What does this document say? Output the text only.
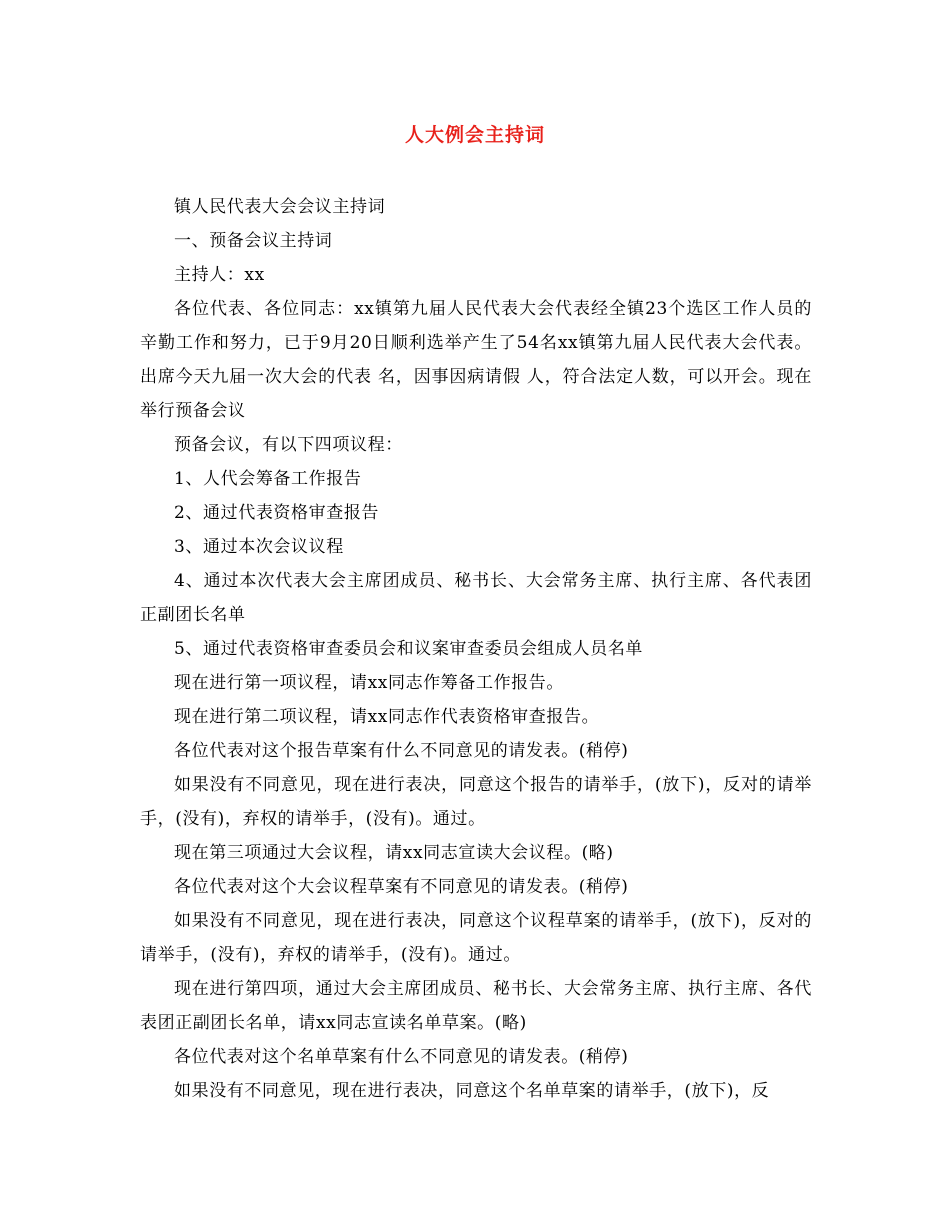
人大例会主持词

镇人民代表大会会议主持词

一、预备会议主持词

主持人：xx

各位代表、各位同志：xx镇第九届人民代表大会代表经全镇23个选区工作人员的辛勤工作和努力，已于9月20日顺利选举产生了54名xx镇第九届人民代表大会代表。出席今天九届一次大会的代表 名，因事因病请假 人，符合法定人数，可以开会。现在举行预备会议

预备会议，有以下四项议程：

1、人代会筹备工作报告

2、通过代表资格审查报告

3、通过本次会议议程

4、通过本次代表大会主席团成员、秘书长、大会常务主席、执行主席、各代表团正副团长名单

5、通过代表资格审查委员会和议案审查委员会组成人员名单

现在进行第一项议程，请xx同志作筹备工作报告。

现在进行第二项议程，请xx同志作代表资格审查报告。

各位代表对这个报告草案有什么不同意见的请发表。(稍停)

如果没有不同意见，现在进行表决，同意这个报告的请举手，(放下)，反对的请举手，(没有)，弃权的请举手，(没有)。通过。

现在第三项通过大会议程，请xx同志宣读大会议程。(略)

各位代表对这个大会议程草案有不同意见的请发表。(稍停)

如果没有不同意见，现在进行表决，同意这个议程草案的请举手，(放下)，反对的请举手，(没有)，弃权的请举手，(没有)。通过。

现在进行第四项，通过大会主席团成员、秘书长、大会常务主席、执行主席、各代表团正副团长名单，请xx同志宣读名单草案。(略)

各位代表对这个名单草案有什么不同意见的请发表。(稍停)

如果没有不同意见，现在进行表决，同意这个名单草案的请举手，(放下)，反
